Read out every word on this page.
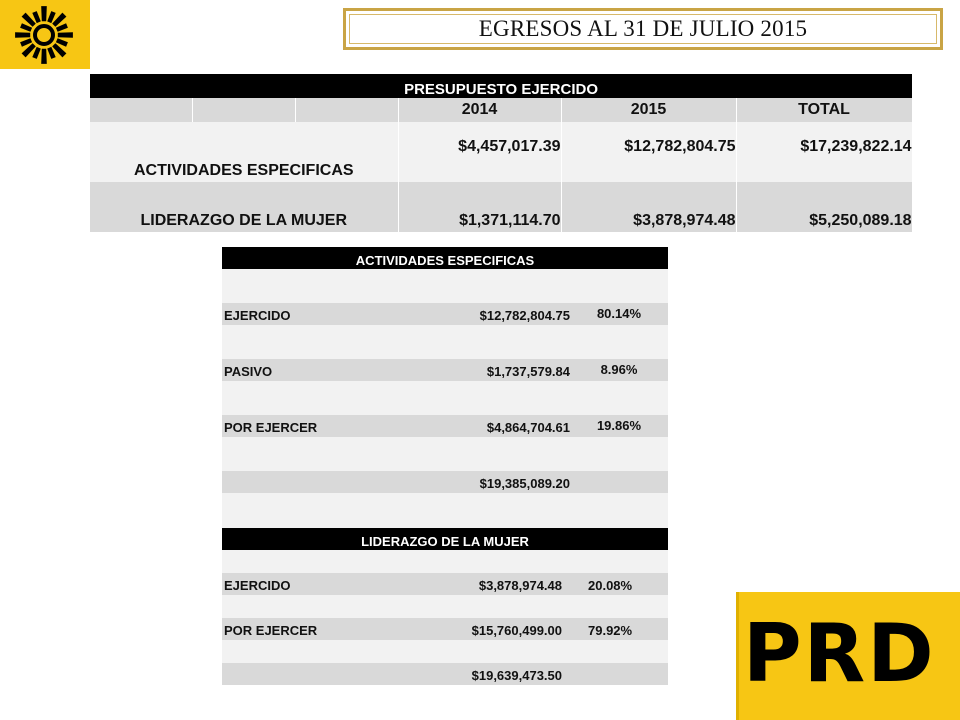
EGRESOS AL 31 DE JULIO 2015
PRESUPUESTO EJERCIDO					
			2014	2015	TOTAL
ACTIVIDADES ESPECIFICAS			$4,457,017.39	$12,782,804.75	$17,239,822.14
LIDERAZGO DE LA MUJER			$1,371,114.70	$3,878,974.48	$5,250,089.18
ACTIVIDADES ESPECIFICAS		

EJERCIDO	$12,782,804.75	80.14%

PASIVO	$1,737,579.84	8.96%

POR EJERCER	$4,864,704.61	19.86%

	$19,385,089.20	

LIDERAZGO DE LA MUJER		

EJERCIDO	$3,878,974.48	20.08%

POR EJERCER	$15,760,499.00	79.92%

	$19,639,473.50	PRD
